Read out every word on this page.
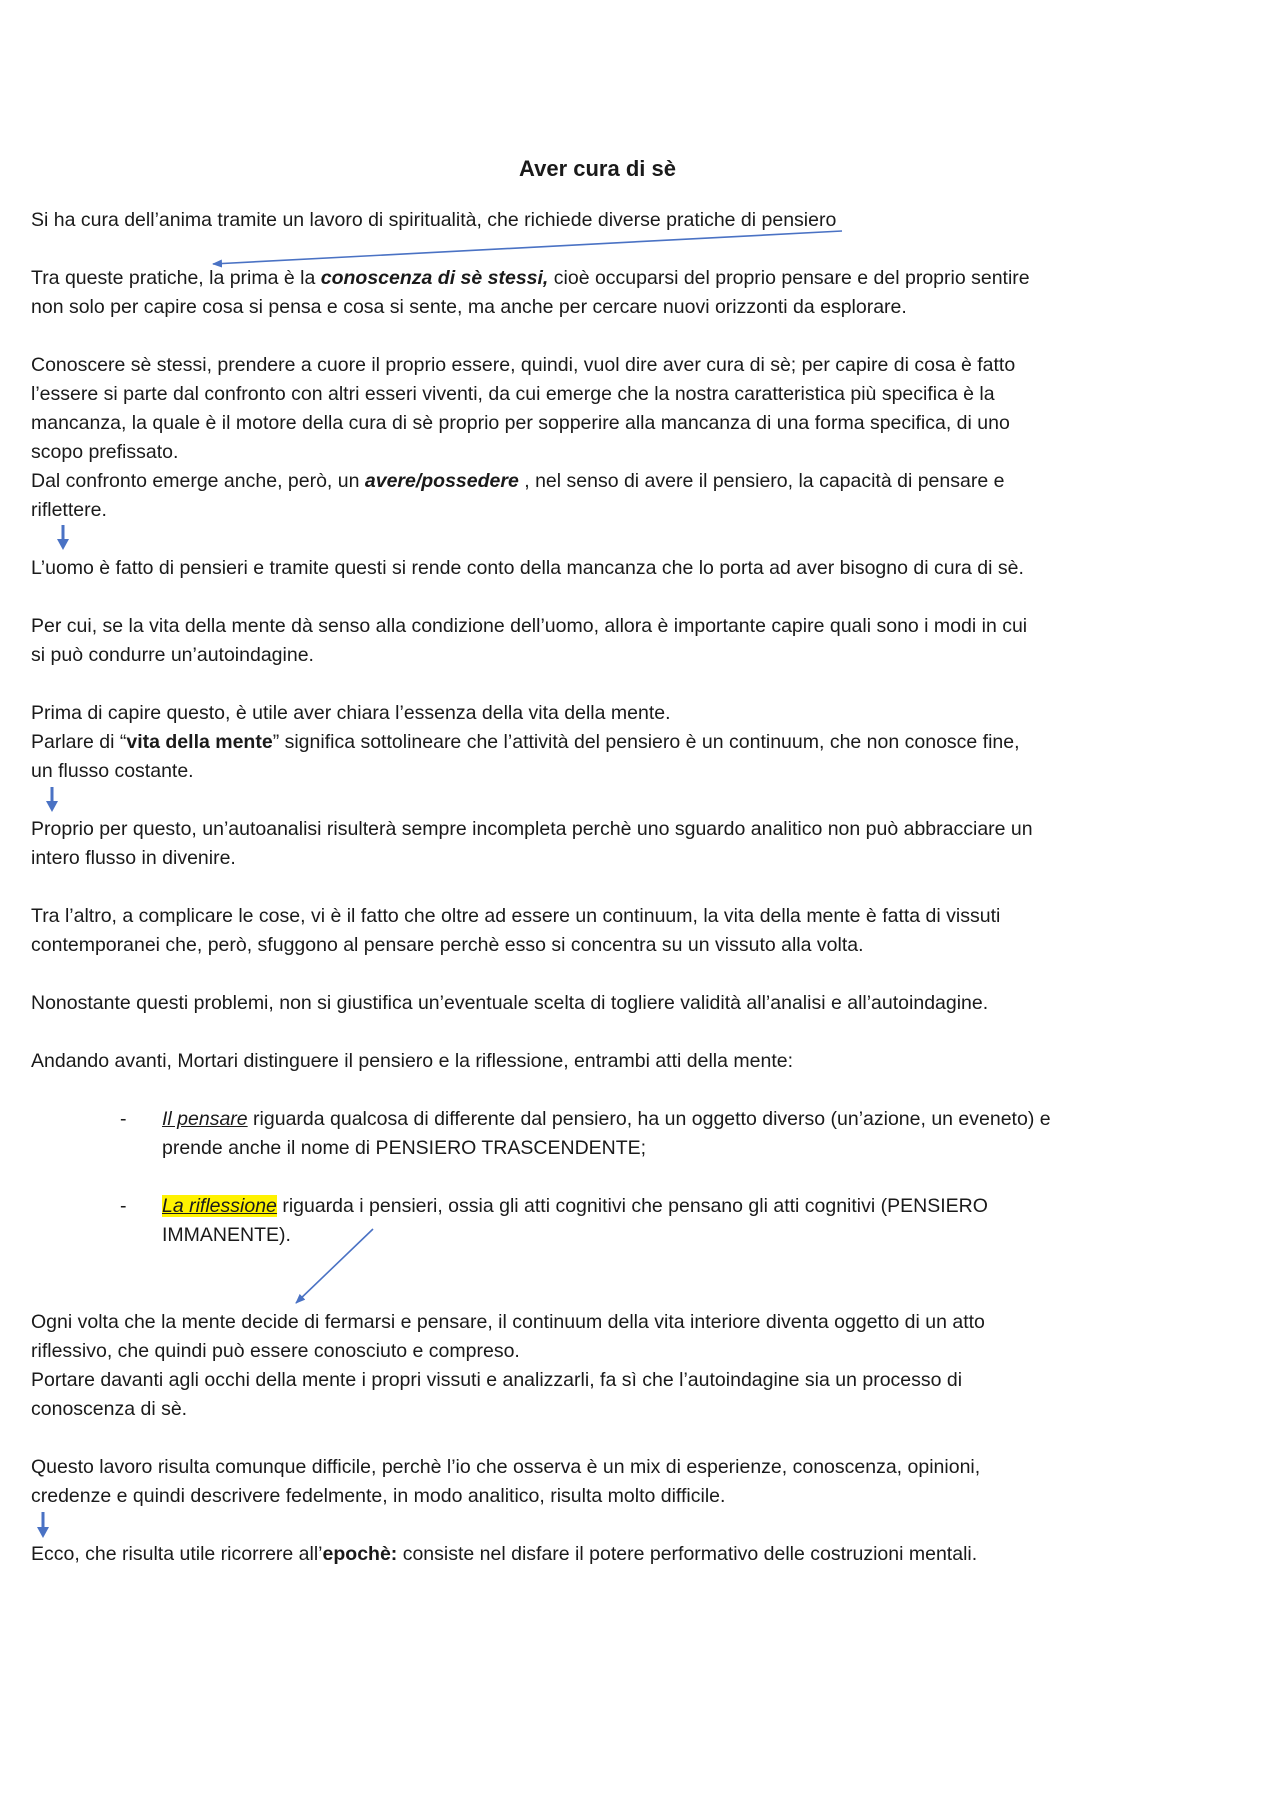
Aver cura di sè
Si ha cura dell’anima tramite un lavoro di spiritualità, che richiede diverse pratiche di pensiero
Tra queste pratiche, la prima è la conoscenza di sè stessi, cioè occuparsi del proprio pensare e del proprio sentire
non solo per capire cosa si pensa e cosa si sente, ma anche per cercare nuovi orizzonti da esplorare.
Conoscere sè stessi, prendere a cuore il proprio essere, quindi, vuol dire aver cura di sè; per capire di cosa è fatto
l’essere si parte dal confronto con altri esseri viventi, da cui emerge che la nostra caratteristica più specifica è la
mancanza, la quale è il motore della cura di sè proprio per sopperire alla mancanza di una forma specifica, di uno
scopo prefissato.
Dal confronto emerge anche, però, un avere/possedere , nel senso di avere il pensiero, la capacità di pensare e
riflettere.
L’uomo è fatto di pensieri e tramite questi si rende conto della mancanza che lo porta ad aver bisogno di cura di sè.
Per cui, se la vita della mente dà senso alla condizione dell’uomo, allora è importante capire quali sono i modi in cui
si può condurre un’autoindagine.
Prima di capire questo, è utile aver chiara l’essenza della vita della mente.
Parlare di “vita della mente” significa sottolineare che l’attività del pensiero è un continuum, che non conosce fine,
un flusso costante.
Proprio per questo, un’autoanalisi risulterà sempre incompleta perchè uno sguardo analitico non può abbracciare un
intero flusso in divenire.
Tra l’altro, a complicare le cose, vi è il fatto che oltre ad essere un continuum, la vita della mente è fatta di vissuti
contemporanei che, però, sfuggono al pensare perchè esso si concentra su un vissuto alla volta.
Nonostante questi problemi, non si giustifica un’eventuale scelta di togliere validità all’analisi e all’autoindagine.
Andando avanti, Mortari distinguere il pensiero e la riflessione, entrambi atti della mente:
- Il pensare riguarda qualcosa di differente dal pensiero, ha un oggetto diverso (un’azione, un eveneto) e
prende anche il nome di PENSIERO TRASCENDENTE;
- La riflessione riguarda i pensieri, ossia gli atti cognitivi che pensano gli atti cognitivi (PENSIERO
IMMANENTE).
Ogni volta che la mente decide di fermarsi e pensare, il continuum della vita interiore diventa oggetto di un atto
riflessivo, che quindi può essere conosciuto e compreso.
Portare davanti agli occhi della mente i propri vissuti e analizzarli, fa sì che l’autoindagine sia un processo di
conoscenza di sè.
Questo lavoro risulta comunque difficile, perchè l’io che osserva è un mix di esperienze, conoscenza, opinioni,
credenze e quindi descrivere fedelmente, in modo analitico, risulta molto difficile.
Ecco, che risulta utile ricorrere all’epochè: consiste nel disfare il potere performativo delle costruzioni mentali.
